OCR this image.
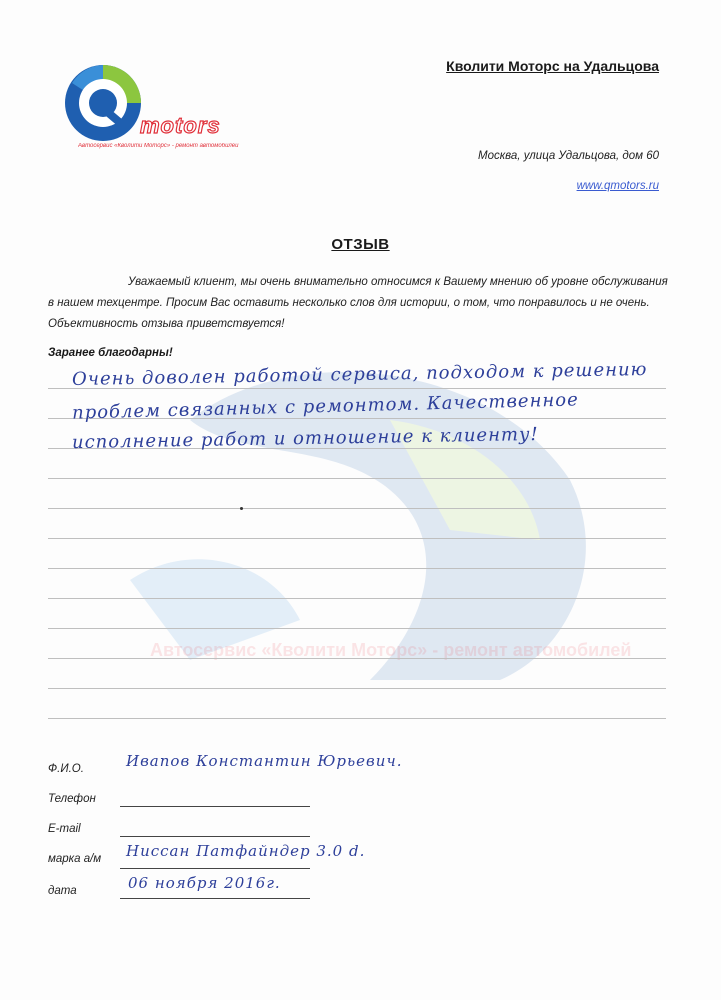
motors
Автосервис «Кволити Моторс» - ремонт автомобилей
Кволити Моторс на Удальцова
Москва, улица Удальцова, дом 60
www.qmotors.ru
ОТЗЫВ
Уважаемый клиент, мы очень внимательно относимся к Вашему мнению об уровне обслуживания в нашем техцентре. Просим Вас оставить несколько слов для истории, о том, что понравилось и не очень. Объективность отзыва приветствуется!
Заранее благодарны!
Автосервис «Кволити Моторс» - ремонт автомобилей
Очень доволен работой сервиса, подходом к решению
проблем связанных с ремонтом. Качественное
исполнение работ и отношение к клиенту!
Ф.И.О.	Ивапов Константин Юрьевич.
Телефон
E-mail
марка а/м Ниссан Патфайндер 3.0 d.
дата	06 ноября 2016г.
